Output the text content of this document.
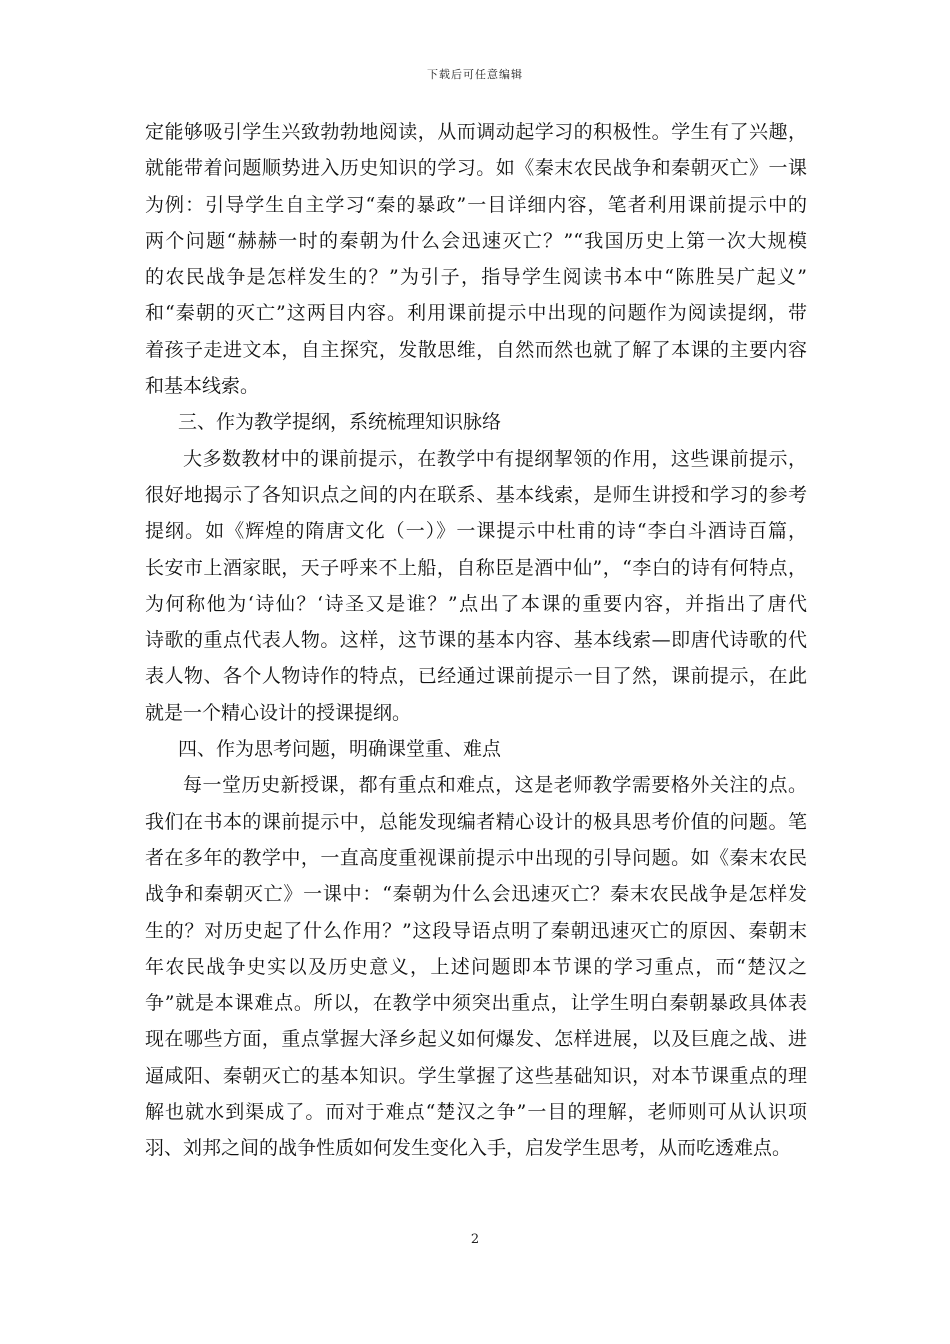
下载后可任意编辑
定能够吸引学生兴致勃勃地阅读，从而调动起学习的积极性。学生有了兴趣，
就能带着问题顺势进入历史知识的学习。如《秦末农民战争和秦朝灭亡》一课
为例：引导学生自主学习“秦的暴政”一目详细内容，笔者利用课前提示中的
两个问题“赫赫一时的秦朝为什么会迅速灭亡？”“我国历史上第一次大规模
的农民战争是怎样发生的？”为引子，指导学生阅读书本中“陈胜吴广起义”
和“秦朝的灭亡”这两目内容。利用课前提示中出现的问题作为阅读提纲，带
着孩子走进文本，自主探究，发散思维，自然而然也就了解了本课的主要内容
和基本线索。
三、作为教学提纲，系统梳理知识脉络
大多数教材中的课前提示，在教学中有提纲挈领的作用，这些课前提示，
很好地揭示了各知识点之间的内在联系、基本线索，是师生讲授和学习的参考
提纲。如《辉煌的隋唐文化（一）》一课提示中杜甫的诗“李白斗酒诗百篇，
长安市上酒家眠，天子呼来不上船，自称臣是酒中仙”，“李白的诗有何特点，
为何称他为‘诗仙？‘诗圣又是谁？”点出了本课的重要内容，并指出了唐代
诗歌的重点代表人物。这样，这节课的基本内容、基本线索—即唐代诗歌的代
表人物、各个人物诗作的特点，已经通过课前提示一目了然，课前提示，在此
就是一个精心设计的授课提纲。
四、作为思考问题，明确课堂重、难点
每一堂历史新授课，都有重点和难点，这是老师教学需要格外关注的点。
我们在书本的课前提示中，总能发现编者精心设计的极具思考价值的问题。笔
者在多年的教学中，一直高度重视课前提示中出现的引导问题。如《秦末农民
战争和秦朝灭亡》一课中：“秦朝为什么会迅速灭亡？秦末农民战争是怎样发
生的？对历史起了什么作用？”这段导语点明了秦朝迅速灭亡的原因、秦朝末
年农民战争史实以及历史意义，上述问题即本节课的学习重点，而“楚汉之
争”就是本课难点。所以，在教学中须突出重点，让学生明白秦朝暴政具体表
现在哪些方面，重点掌握大泽乡起义如何爆发、怎样进展，以及巨鹿之战、进
逼咸阳、秦朝灭亡的基本知识。学生掌握了这些基础知识，对本节课重点的理
解也就水到渠成了。而对于难点“楚汉之争”一目的理解，老师则可从认识项
羽、刘邦之间的战争性质如何发生变化入手，启发学生思考，从而吃透难点。
2
